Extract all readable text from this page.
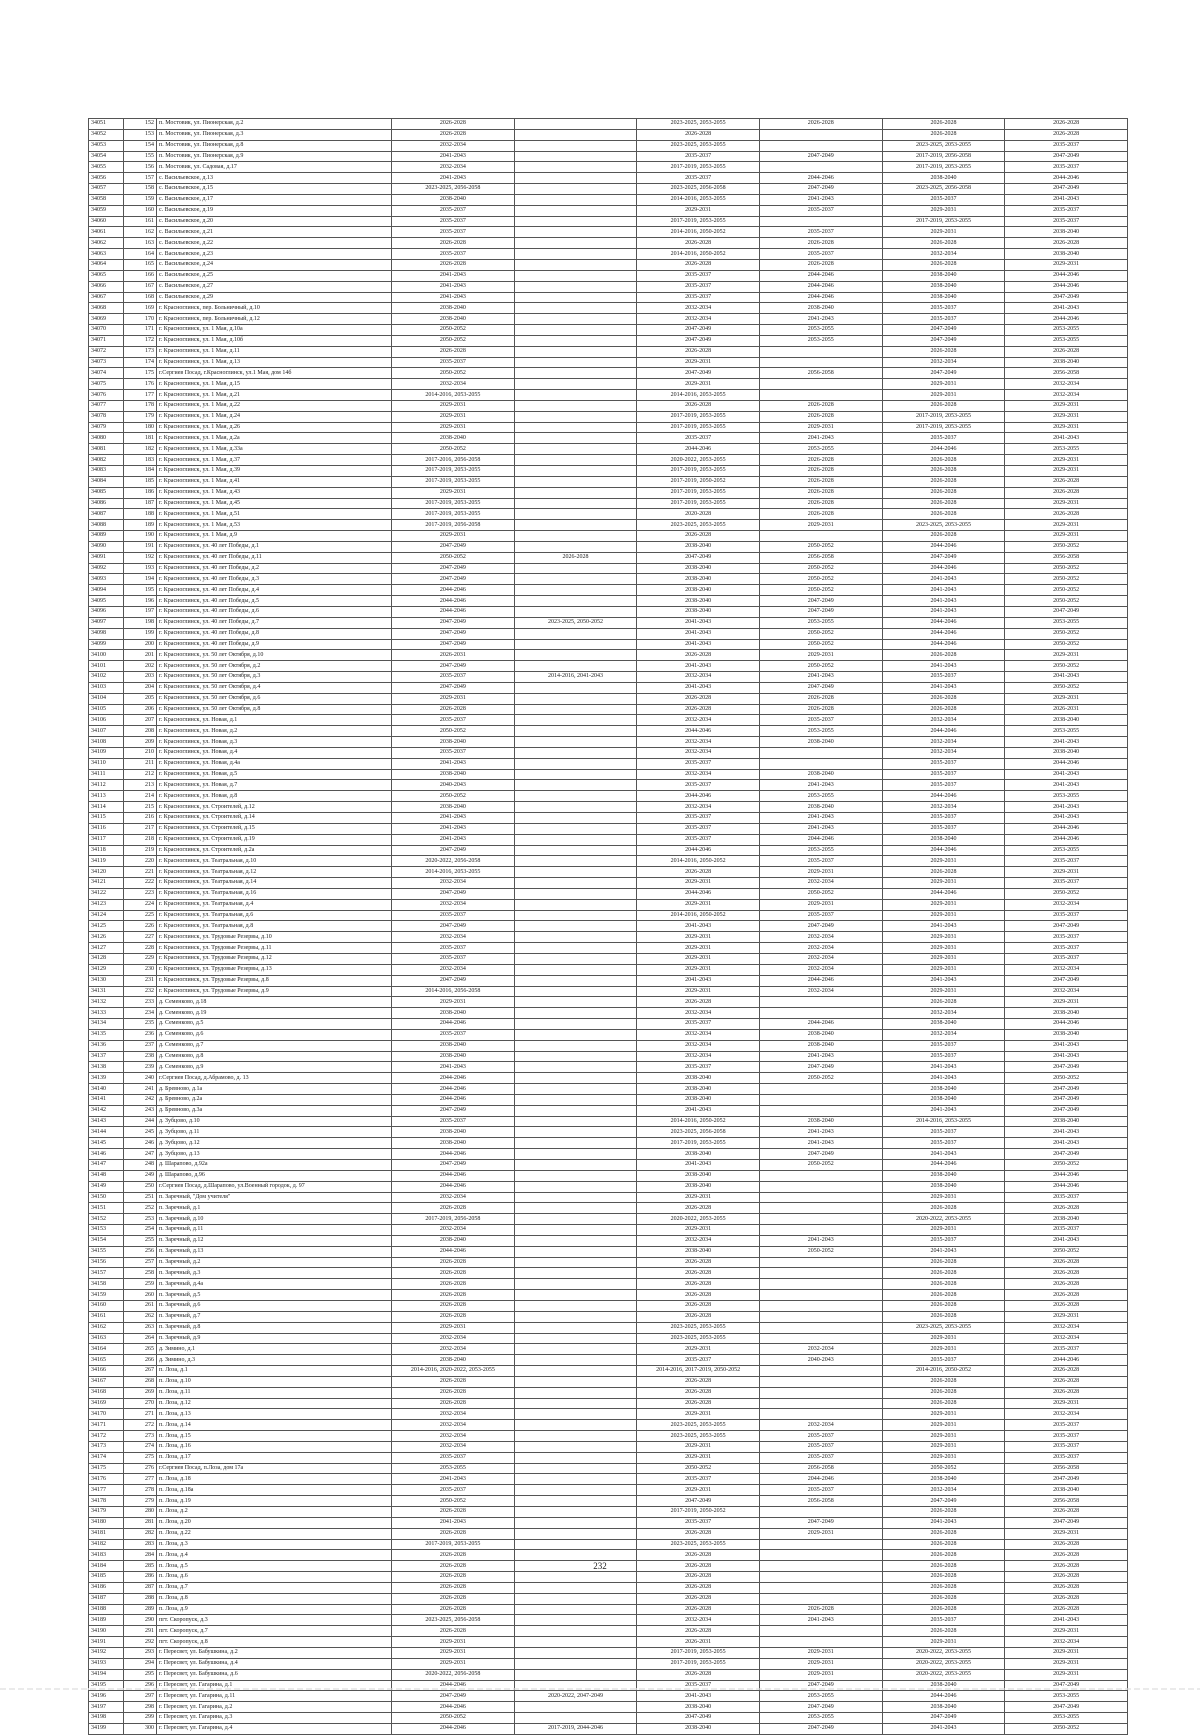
34051	152	п. Мостовик, ул. Пионерская, д.2	2026-2028		2023-2025, 2053-2055	2026-2028	2026-2028	2026-2028
34052	153	п. Мостовик, ул. Пионерская, д.3	2026-2028		2026-2028		2026-2028	2026-2028
34053	154	п. Мостовик, ул. Пионерская, д.8	2032-2034		2023-2025, 2053-2055		2023-2025, 2053-2055	2035-2037
34054	155	п. Мостовик, ул. Пионерская, д.9	2041-2043		2035-2037	2047-2049	2017-2019, 2056-2058	2047-2049
34055	156	п. Мостовик, ул. Садовая, д.17	2032-2034		2017-2019, 2053-2055		2017-2019, 2053-2055	2035-2037
34056	157	с. Васильевское, д.13	2041-2043		2035-2037	2044-2046	2038-2040	2044-2046
34057	158	с. Васильевское, д.15	2023-2025, 2056-2058		2023-2025, 2056-2058	2047-2049	2023-2025, 2056-2058	2047-2049
34058	159	с. Васильевское, д.17	2038-2040		2014-2016, 2053-2055	2041-2043	2035-2037	2041-2043
34059	160	с. Васильевское, д.19	2035-2037		2029-2031	2035-2037	2029-2031	2035-2037
34060	161	с. Васильевское, д.20	2035-2037		2017-2019, 2053-2055		2017-2019, 2053-2055	2035-2037
34061	162	с. Васильевское, д.21	2035-2037		2014-2016, 2050-2052	2035-2037	2029-2031	2038-2040
34062	163	с. Васильевское, д.22	2026-2028		2026-2028	2026-2028	2026-2028	2026-2028
34063	164	с. Васильевское, д.23	2035-2037		2014-2016, 2050-2052	2035-2037	2032-2034	2038-2040
34064	165	с. Васильевское, д.24	2026-2028		2026-2028	2026-2028	2026-2028	2029-2031
34065	166	с. Васильевское, д.25	2041-2043		2035-2037	2044-2046	2038-2040	2044-2046
34066	167	с. Васильевское, д.27	2041-2043		2035-2037	2044-2046	2038-2040	2044-2046
34067	168	с. Васильевское, д.29	2041-2043		2035-2037	2044-2046	2038-2040	2047-2049
34068	169	г. Красноглинск, пер. Больничный, д.10	2038-2040		2032-2034	2038-2040	2035-2037	2041-2043
34069	170	г. Красноглинск, пер. Больничный, д.12	2038-2040		2032-2034	2041-2043	2035-2037	2044-2046
34070	171	г. Красноглинск, ул. 1 Мая, д.10а	2050-2052		2047-2049	2053-2055	2047-2049	2053-2055
34071	172	г. Красноглинск, ул. 1 Мая, д.10б	2050-2052		2047-2049	2053-2055	2047-2049	2053-2055
34072	173	г. Красноглинск, ул. 1 Мая, д.11	2026-2028		2026-2028		2026-2028	2026-2028
34073	174	г. Красноглинск, ул. 1 Мая, д.13	2035-2037		2029-2031		2032-2034	2038-2040
34074	175	г.Сергиев Посад, г.Красноглинск, ул.1 Мая, дом 14б	2050-2052		2047-2049	2056-2058	2047-2049	2056-2058
34075	176	г. Красноглинск, ул. 1 Мая, д.15	2032-2034		2029-2031		2029-2031	2032-2034
34076	177	г. Красноглинск, ул. 1 Мая, д.21	2014-2016, 2053-2055		2014-2016, 2053-2055		2029-2031	2032-2034
34077	178	г. Красноглинск, ул. 1 Мая, д.22	2029-2031		2026-2028	2026-2028	2026-2028	2029-2031
34078	179	г. Красноглинск, ул. 1 Мая, д.24	2029-2031		2017-2019, 2053-2055	2026-2028	2017-2019, 2053-2055	2029-2031
34079	180	г. Красноглинск, ул. 1 Мая, д.26	2029-2031		2017-2019, 2053-2055	2029-2031	2017-2019, 2053-2055	2029-2031
34080	181	г. Красноглинск, ул. 1 Мая, д.2а	2038-2040		2035-2037	2041-2043	2035-2037	2041-2043
34081	182	г. Красноглинск, ул. 1 Мая, д.33а	2050-2052		2044-2046	2053-2055	2044-2046	2053-2055
34082	183	г. Красноглинск, ул. 1 Мая, д.37	2017-2016, 2056-2058		2020-2022, 2053-2055	2026-2028	2026-2028	2029-2031
34083	184	г. Красноглинск, ул. 1 Мая, д.39	2017-2019, 2053-2055		2017-2019, 2053-2055	2026-2028	2026-2028	2029-2031
34084	185	г. Красноглинск, ул. 1 Мая, д.41	2017-2019, 2053-2055		2017-2019, 2050-2052	2026-2028	2026-2028	2026-2028
34085	186	г. Красноглинск, ул. 1 Мая, д.43	2029-2031		2017-2019, 2053-2055	2026-2028	2026-2028	2026-2028
34086	187	г. Красноглинск, ул. 1 Мая, д.45	2017-2019, 2053-2055		2017-2019, 2053-2055	2026-2028	2026-2028	2029-2031
34087	188	г. Красноглинск, ул. 1 Мая, д.51	2017-2019, 2053-2055		2020-2028	2026-2028	2026-2028	2026-2028
34088	189	г. Красноглинск, ул. 1 Мая, д.53	2017-2019, 2056-2058		2023-2025, 2053-2055	2029-2031	2023-2025, 2053-2055	2029-2031
34089	190	г. Красноглинск, ул. 1 Мая, д.9	2029-2031		2026-2028		2026-2028	2029-2031
34090	191	г. Красноглинск, ул. 40 лет Победы, д.1	2047-2049		2038-2040	2050-2052	2044-2046	2050-2052
34091	192	г. Красноглинск, ул. 40 лет Победы, д.11	2050-2052	2026-2028	2047-2049	2056-2058	2047-2049	2056-2058
34092	193	г. Красноглинск, ул. 40 лет Победы, д.2	2047-2049		2038-2040	2050-2052	2044-2046	2050-2052
34093	194	г. Красноглинск, ул. 40 лет Победы, д.3	2047-2049		2038-2040	2050-2052	2041-2043	2050-2052
34094	195	г. Красноглинск, ул. 40 лет Победы, д.4	2044-2046		2038-2040	2050-2052	2041-2043	2050-2052
34095	196	г. Красноглинск, ул. 40 лет Победы, д.5	2044-2046		2038-2040	2047-2049	2041-2043	2050-2052
34096	197	г. Красноглинск, ул. 40 лет Победы, д.6	2044-2046		2038-2040	2047-2049	2041-2043	2047-2049
34097	198	г. Красноглинск, ул. 40 лет Победы, д.7	2047-2049	2023-2025, 2050-2052	2041-2043	2053-2055	2044-2046	2053-2055
34098	199	г. Красноглинск, ул. 40 лет Победы, д.8	2047-2049		2041-2043	2050-2052	2044-2046	2050-2052
34099	200	г. Красноглинск, ул. 40 лет Победы, д.9	2047-2049		2041-2043	2050-2052	2044-2046	2050-2052
34100	201	г. Красноглинск, ул. 50 лет Октября, д.10	2026-2031		2026-2028	2029-2031	2026-2028	2029-2031
34101	202	г. Красноглинск, ул. 50 лет Октября, д.2	2047-2049		2041-2043	2050-2052	2041-2043	2050-2052
34102	203	г. Красноглинск, ул. 50 лет Октября, д.3	2035-2037	2014-2016, 2041-2043	2032-2034	2041-2043	2035-2037	2041-2043
34103	204	г. Красноглинск, ул. 50 лет Октября, д.4	2047-2049		2041-2043	2047-2049	2041-2043	2050-2052
34104	205	г. Красноглинск, ул. 50 лет Октября, д.6	2029-2031		2026-2028	2026-2028	2026-2028	2029-2031
34105	206	г. Красноглинск, ул. 50 лет Октября, д.8	2026-2028		2026-2028	2026-2028	2026-2028	2026-2031
34106	207	г. Красноглинск, ул. Новая, д.1	2035-2037		2032-2034	2035-2037	2032-2034	2038-2040
34107	208	г. Красноглинск, ул. Новая, д.2	2050-2052		2044-2046	2053-2055	2044-2046	2053-2055
34108	209	г. Красноглинск, ул. Новая, д.3	2038-2040		2032-2034	2038-2040	2032-2034	2041-2043
34109	210	г. Красноглинск, ул. Новая, д.4	2035-2037		2032-2034		2032-2034	2038-2040
34110	211	г. Красноглинск, ул. Новая, д.4а	2041-2043		2035-2037		2035-2037	2044-2046
34111	212	г. Красноглинск, ул. Новая, д.5	2038-2040		2032-2034	2038-2040	2035-2037	2041-2043
34112	213	г. Красноглинск, ул. Новая, д.7	2040-2043		2035-2037	2041-2043	2035-2037	2041-2043
34113	214	г. Красноглинск, ул. Новая, д.8	2050-2052		2044-2046	2053-2055	2044-2046	2053-2055
34114	215	г. Красноглинск, ул. Строителей, д.12	2038-2040		2032-2034	2038-2040	2032-2034	2041-2043
34115	216	г. Красноглинск, ул. Строителей, д.14	2041-2043		2035-2037	2041-2043	2035-2037	2041-2043
34116	217	г. Красноглинск, ул. Строителей, д.15	2041-2043		2035-2037	2041-2043	2035-2037	2044-2046
34117	218	г. Красноглинск, ул. Строителей, д.19	2041-2043		2035-2037	2044-2046	2038-2040	2044-2046
34118	219	г. Красноглинск, ул. Строителей, д.2а	2047-2049		2044-2046	2053-2055	2044-2046	2053-2055
34119	220	г. Красноглинск, ул. Театральная, д.10	2020-2022, 2056-2058		2014-2016, 2050-2052	2035-2037	2029-2031	2035-2037
34120	221	г. Красноглинск, ул. Театральная, д.12	2014-2016, 2053-2055		2026-2028	2029-2031	2026-2028	2029-2031
34121	222	г. Красноглинск, ул. Театральная, д.14	2032-2034		2029-2031	2032-2034	2029-2031	2035-2037
34122	223	г. Красноглинск, ул. Театральная, д.16	2047-2049		2044-2046	2050-2052	2044-2046	2050-2052
34123	224	г. Красноглинск, ул. Театральная, д.4	2032-2034		2029-2031	2029-2031	2029-2031	2032-2034
34124	225	г. Красноглинск, ул. Театральная, д.6	2035-2037		2014-2016, 2050-2052	2035-2037	2029-2031	2035-2037
34125	226	г. Красноглинск, ул. Театральная, д.8	2047-2049		2041-2043	2047-2049	2041-2043	2047-2049
34126	227	г. Красноглинск, ул. Трудовые Резервы, д.10	2032-2034		2029-2031	2032-2034	2029-2031	2035-2037
34127	228	г. Красноглинск, ул. Трудовые Резервы, д.11	2035-2037		2029-2031	2032-2034	2029-2031	2035-2037
34128	229	г. Красноглинск, ул. Трудовые Резервы, д.12	2035-2037		2029-2031	2032-2034	2029-2031	2035-2037
34129	230	г. Красноглинск, ул. Трудовые Резервы, д.13	2032-2034		2029-2031	2032-2034	2029-2031	2032-2034
34130	231	г. Красноглинск, ул. Трудовые Резервы, д.8	2047-2049		2041-2043	2044-2046	2041-2043	2047-2049
34131	232	г. Красноглинск, ул. Трудовые Резервы, д.9	2014-2016, 2056-2058		2029-2031	2032-2034	2029-2031	2032-2034
34132	233	д. Семенково, д.18	2029-2031		2026-2028		2026-2028	2029-2031
34133	234	д. Семенково, д.19	2038-2040		2032-2034		2032-2034	2038-2040
34134	235	д. Семенково, д.5	2044-2046		2035-2037	2044-2046	2038-2040	2044-2046
34135	236	д. Семенково, д.6	2035-2037		2032-2034	2038-2040	2032-2034	2038-2040
34136	237	д. Семенково, д.7	2038-2040		2032-2034	2038-2040	2035-2037	2041-2043
34137	238	д. Семенково, д.8	2038-2040		2032-2034	2041-2043	2035-2037	2041-2043
34138	239	д. Семенково, д.9	2041-2043		2035-2037	2047-2049	2041-2043	2047-2049
34139	240	г.Сергиев Посад, д.Абрамово, д. 13	2044-2046		2038-2040	2050-2052	2041-2043	2050-2052
34140	241	д. Бревново, д.1а	2044-2046		2038-2040		2038-2040	2047-2049
34141	242	д. Бревново, д.2а	2044-2046		2038-2040		2038-2040	2047-2049
34142	243	д. Бревново, д.3а	2047-2049		2041-2043		2041-2043	2047-2049
34143	244	д. Зубцово, д.10	2035-2037		2014-2016, 2050-2052	2038-2040	2014-2016, 2053-2055	2038-2040
34144	245	д. Зубцово, д.11	2038-2040		2023-2025, 2056-2058	2041-2043	2035-2037	2041-2043
34145	246	д. Зубцово, д.12	2038-2040		2017-2019, 2053-2055	2041-2043	2035-2037	2041-2043
34146	247	д. Зубцово, д.13	2044-2046		2038-2040	2047-2049	2041-2043	2047-2049
34147	248	д. Шарапово, д.92а	2047-2049		2041-2043	2050-2052	2044-2046	2050-2052
34148	249	д. Шарапово, д.96	2044-2046		2038-2040		2038-2040	2044-2046
34149	250	г.Сергиев Посад, д.Шарапово, ул.Военный городок, д. 97	2044-2046		2038-2040		2038-2040	2044-2046
34150	251	п. Заречный, "Дом учителя"	2032-2034		2029-2031		2029-2031	2035-2037
34151	252	п. Заречный, д.1	2026-2028		2026-2028		2026-2028	2026-2028
34152	253	п. Заречный, д.10	2017-2019, 2056-2058		2020-2022, 2053-2055		2020-2022, 2053-2055	2038-2040
34153	254	п. Заречный, д.11	2032-2034		2029-2031		2029-2031	2035-2037
34154	255	п. Заречный, д.12	2038-2040		2032-2034	2041-2043	2035-2037	2041-2043
34155	256	п. Заречный, д.13	2044-2046		2038-2040	2050-2052	2041-2043	2050-2052
34156	257	п. Заречный, д.2	2026-2028		2026-2028		2026-2028	2026-2028
34157	258	п. Заречный, д.3	2026-2028		2026-2028		2026-2028	2026-2028
34158	259	п. Заречный, д.4а	2026-2028		2026-2028		2026-2028	2026-2028
34159	260	п. Заречный, д.5	2026-2028		2026-2028		2026-2028	2026-2028
34160	261	п. Заречный, д.6	2026-2028		2026-2028		2026-2028	2026-2028
34161	262	п. Заречный, д.7	2026-2028		2026-2028		2026-2028	2029-2031
34162	263	п. Заречный, д.8	2029-2031		2023-2025, 2053-2055		2023-2025, 2053-2055	2032-2034
34163	264	п. Заречный, д.9	2032-2034		2023-2025, 2053-2055		2029-2031	2032-2034
34164	265	д. Зимино, д.1	2032-2034		2029-2031	2032-2034	2029-2031	2035-2037
34165	266	д. Зимино, д.3	2038-2040		2035-2037	2040-2043	2035-2037	2044-2046
34166	267	п. Лоза, д.1	2014-2016, 2020-2022, 2053-2055		2014-2016, 2017-2019, 2050-2052		2014-2016, 2050-2052	2026-2028
34167	268	п. Лоза, д.10	2026-2028		2026-2028		2026-2028	2026-2028
34168	269	п. Лоза, д.11	2026-2028		2026-2028		2026-2028	2026-2028
34169	270	п. Лоза, д.12	2026-2028		2026-2028		2026-2028	2029-2031
34170	271	п. Лоза, д.13	2032-2034		2029-2031		2029-2031	2032-2034
34171	272	п. Лоза, д.14	2032-2034		2023-2025, 2053-2055	2032-2034	2029-2031	2035-2037
34172	273	п. Лоза, д.15	2032-2034		2023-2025, 2053-2055	2035-2037	2029-2031	2035-2037
34173	274	п. Лоза, д.16	2032-2034		2029-2031	2035-2037	2029-2031	2035-2037
34174	275	п. Лоза, д.17	2035-2037		2029-2031	2035-2037	2029-2031	2035-2037
34175	276	г.Сергиев Посад, п.Лоза, дом 17а	2053-2055		2050-2052	2056-2058	2050-2052	2056-2058
34176	277	п. Лоза, д.18	2041-2043		2035-2037	2044-2046	2038-2040	2047-2049
34177	278	п. Лоза, д.18а	2035-2037		2029-2031	2035-2037	2032-2034	2038-2040
34178	279	п. Лоза, д.19	2050-2052		2047-2049	2056-2058	2047-2049	2056-2058
34179	280	п. Лоза, д.2	2026-2028		2017-2019, 2050-2052		2026-2028	2026-2028
34180	281	п. Лоза, д.20	2041-2043		2035-2037	2047-2049	2041-2043	2047-2049
34181	282	п. Лоза, д.22	2026-2028		2026-2028	2029-2031	2026-2028	2029-2031
34182	283	п. Лоза, д.3	2017-2019, 2053-2055		2023-2025, 2053-2055		2026-2028	2026-2028
34183	284	п. Лоза, д.4	2026-2028		2026-2028		2026-2028	2026-2028
34184	285	п. Лоза, д.5	2026-2028		2026-2028		2026-2028	2026-2028
34185	286	п. Лоза, д.6	2026-2028		2026-2028		2026-2028	2026-2028
34186	287	п. Лоза, д.7	2026-2028		2026-2028		2026-2028	2026-2028
34187	288	п. Лоза, д.8	2026-2028		2026-2028		2026-2028	2026-2028
34188	289	п. Лоза, д.9	2026-2028		2026-2028	2026-2028	2026-2028	2026-2028
34189	290	пгт. Скоропуск, д.3	2023-2025, 2056-2058		2032-2034	2041-2043	2035-2037	2041-2043
34190	291	пгт. Скоропуск, д.7	2026-2028		2026-2028		2026-2028	2029-2031
34191	292	пгт. Скоропуск, д.8	2029-2031		2026-2031		2029-2031	2032-2034
34192	293	г. Пересвет, ул. Бабушкина, д.2	2029-2031		2017-2019, 2053-2055	2029-2031	2020-2022, 2053-2055	2029-2031
34193	294	г. Пересвет, ул. Бабушкина, д.4	2029-2031		2017-2019, 2053-2055	2029-2031	2020-2022, 2053-2055	2029-2031
34194	295	г. Пересвет, ул. Бабушкина, д.6	2020-2022, 2056-2058		2026-2028	2029-2031	2020-2022, 2053-2055	2029-2031
34195	296	г. Пересвет, ул. Гагарина, д.1	2044-2046		2035-2037	2047-2049	2038-2040	2047-2049
34196	297	г. Пересвет, ул. Гагарина, д.11	2047-2049	2020-2022, 2047-2049	2041-2043	2053-2055	2044-2046	2053-2055
34197	298	г. Пересвет, ул. Гагарина, д.2	2044-2046		2038-2040	2047-2049	2038-2040	2047-2049
34198	299	г. Пересвет, ул. Гагарина, д.3	2050-2052		2047-2049	2053-2055	2047-2049	2053-2055
34199	300	г. Пересвет, ул. Гагарина, д.4	2044-2046	2017-2019, 2044-2046	2038-2040	2047-2049	2041-2043	2050-2052
232
